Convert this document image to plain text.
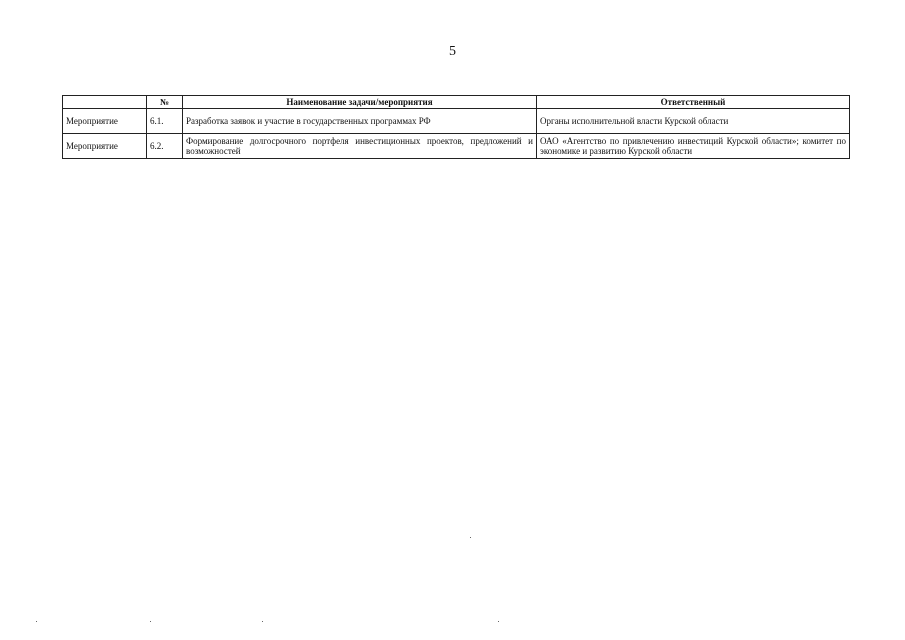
5
	№	Наименование задачи/мероприятия	Ответственный
Мероприятие	6.1.	Разработка заявок и участие в государственных программах РФ	Органы исполнительной власти Курской области
Мероприятие	6.2.	Формирование долгосрочного портфеля инвестиционных проектов, предложений и возможностей	ОАО «Агентство по привлечению инвестиций Курской области»; комитет по экономике и развитию Курской области
